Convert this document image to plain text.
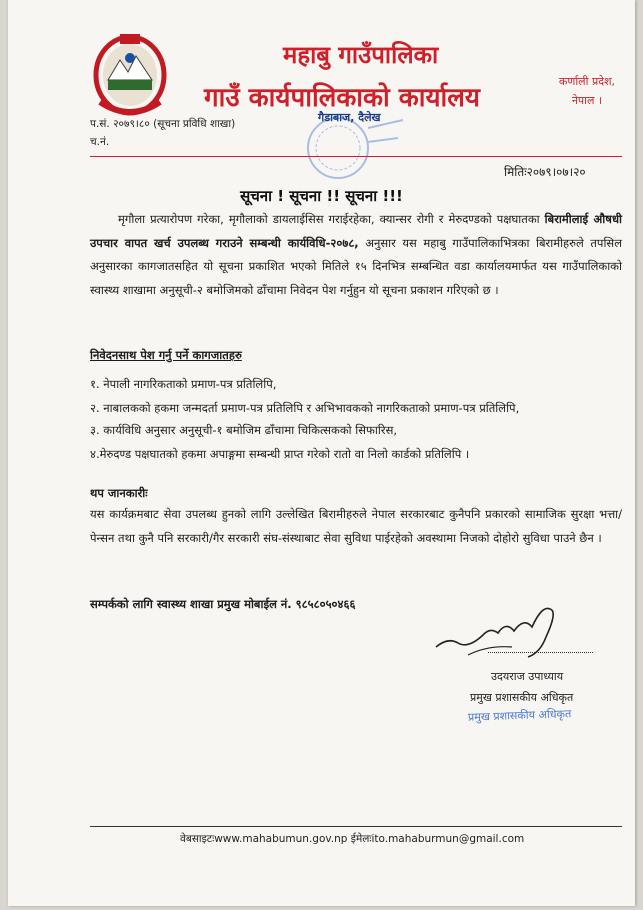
महाबु गाउँपालिका
गाउँ कार्यपालिकाको कार्यालय
गैडाबाज, दैलेख
कर्णाली प्रदेश,
नेपाल ।
प.सं. २०७९।८० (सूचना प्रविधि शाखा)
च.नं.
मितिः२०७९।०७।२०
सूचना ! सूचना !! सूचना !!!
मृगौला प्रत्यारोपण गरेका, मृगौलाको डायलाईसिस गराईरहेका, क्यान्सर रोगी र मेरुदण्डको पक्षघातका बिरामीलाई औषधी उपचार वापत खर्च उपलब्ध गराउने सम्बन्धी कार्यविधि-२०७८, अनुसार यस महाबु गाउँपालिकाभित्रका बिरामीहरुले तपसिल अनुसारका कागजातसहित यो सूचना प्रकाशित भएको मितिले १५ दिनभित्र सम्बन्धित वडा कार्यालयमार्फत यस गाउँपालिकाको स्वास्थ्य शाखामा अनुसूची-२ बमोजिमको ढाँचामा निवेदन पेश गर्नुहुन यो सूचना प्रकाशन गरिएको छ ।
निवेदनसाथ पेश गर्नु पर्ने कागजातहरु
१. नेपाली नागरिकताको प्रमाण-पत्र प्रतिलिपि,
२. नाबालकको हकमा जन्मदर्ता प्रमाण-पत्र प्रतिलिपि र अभिभावकको नागरिकताको प्रमाण-पत्र प्रतिलिपि,
३. कार्यविधि अनुसार अनुसूची-१ बमोजिम ढाँचामा चिकित्सकको सिफारिस,
४.मेरुदण्ड पक्षघातको हकमा अपाङ्गमा सम्बन्धी प्राप्त गरेको रातो वा निलो कार्डको प्रतिलिपि ।
थप जानकारीः
यस कार्यक्रमबाट सेवा उपलब्ध हुनको लागि उल्लेखित बिरामीहरुले नेपाल सरकारबाट कुनैपनि प्रकारको सामाजिक सुरक्षा भत्ता/पेन्सन तथा कुनै पनि सरकारी/गैर सरकारी संघ-संस्थाबाट सेवा सुविधा पाईरहेको अवस्थामा निजको दोहोरो सुविधा पाउने छैन ।
सम्पर्कको लागि स्वास्थ्य शाखा प्रमुख मोबाईल नं. ९८५८०५०४६६
उदयराज उपाध्याय
प्रमुख प्रशासकीय अधिकृत
प्रमुख प्रशासकीय अधिकृत
वेबसाइटःwww.mahabumun.gov.np ईमेलःito.mahaburmun@gmail.com
